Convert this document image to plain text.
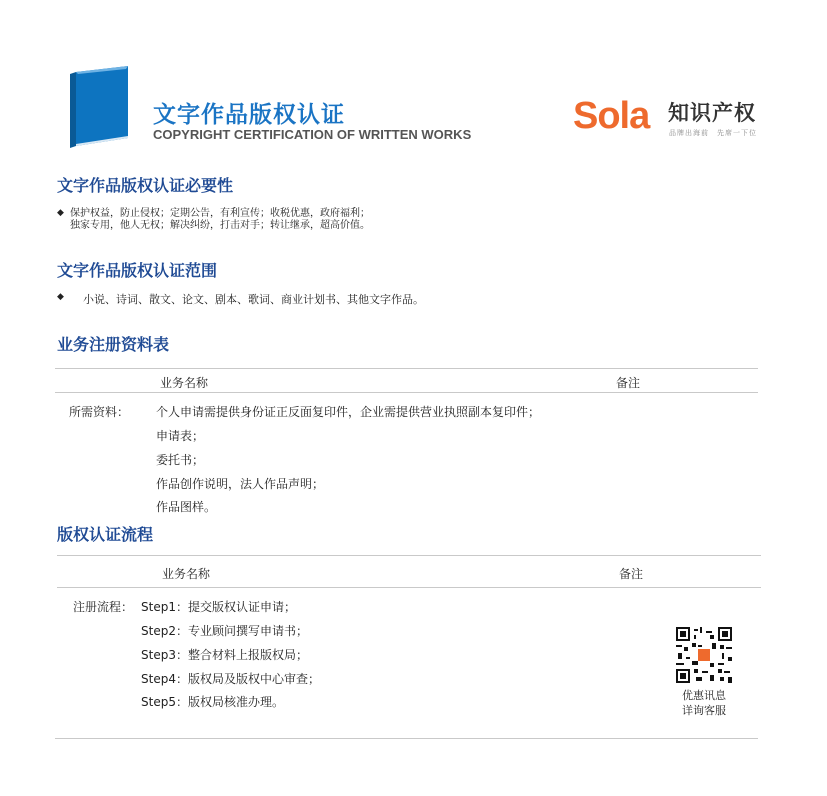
文字作品版权认证
COPYRIGHT CERTIFICATION OF WRITTEN WORKS	Sola 知识产权
品牌出海前　先席一下位
文字作品版权认证必要性
◆ 保护权益，防止侵权；定期公告，有利宣传；收税优惠，政府福利；
独家专用，他人无权；解决纠纷，打击对手；转让继承，超高价值。
文字作品版权认证范围
◆ 小说、诗词、散文、论文、剧本、歌词、商业计划书、其他文字作品。
业务注册资料表
业务名称	备注
所需资料： 个人申请需提供身份证正反面复印件，企业需提供营业执照副本复印件；
申请表；
委托书；
作品创作说明，法人作品声明；
作品图样。
版权认证流程
业务名称	备注
注册流程： Step1：提交版权认证申请；
Step2：专业顾问撰写申请书；
Step3：整合材料上报版权局；
Step4：版权局及版权中心审查；
Step5：版权局核准办理。	优惠讯息
详询客服
